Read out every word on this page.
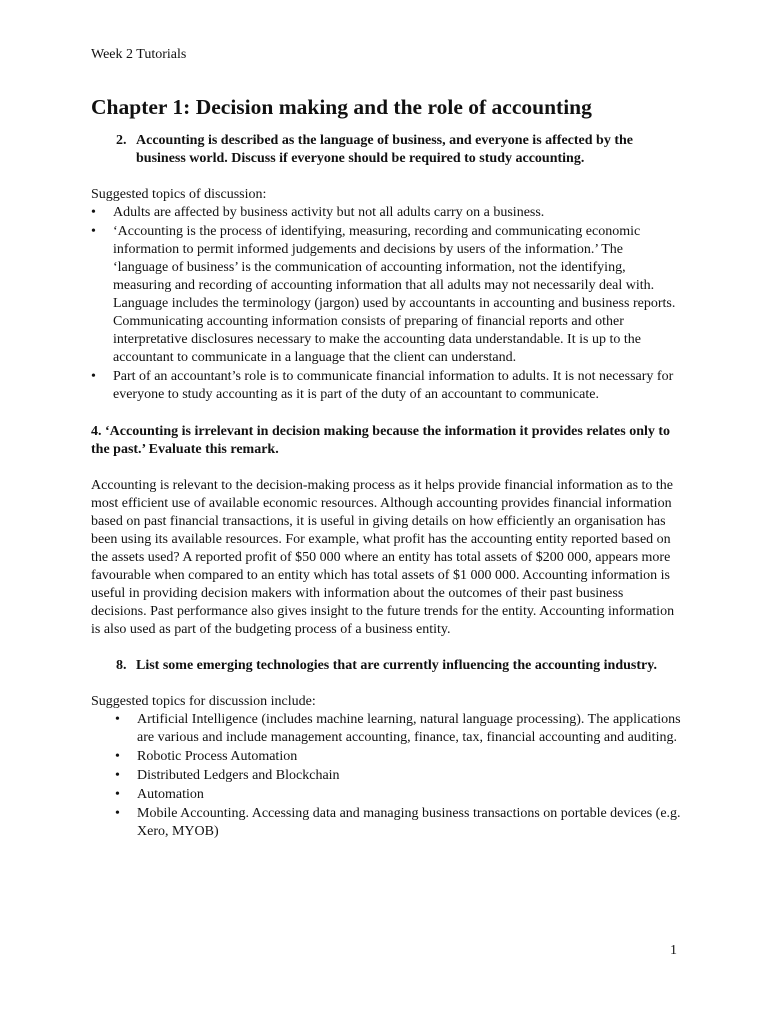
Week 2 Tutorials
Chapter 1: Decision making and the role of accounting
2. Accounting is described as the language of business, and everyone is affected by the business world. Discuss if everyone should be required to study accounting.

Suggested topics of discussion:

•	Adults are affected by business activity but not all adults carry on a business.
•	‘Accounting is the process of identifying, measuring, recording and communicating economic information to permit informed judgements and decisions by users of the information.’ The ‘language of business’ is the communication of accounting information, not the identifying, measuring and recording of accounting information that all adults may not necessarily deal with. Language includes the terminology (jargon) used by accountants in accounting and business reports. Communicating accounting information consists of preparing of financial reports and other interpretative disclosures necessary to make the accounting data understandable. It is up to the accountant to communicate in a language that the client can understand.
•	Part of an accountant’s role is to communicate financial information to adults. It is not necessary for everyone to study accounting as it is part of the duty of an accountant to communicate.

4. ‘Accounting is irrelevant in decision making because the information it provides relates only to the past.’ Evaluate this remark.

Accounting is relevant to the decision-making process as it helps provide financial information as to the most efficient use of available economic resources. Although accounting provides financial information based on past financial transactions, it is useful in giving details on how efficiently an organisation has been using its available resources. For example, what profit has the accounting entity reported based on the assets used? A reported profit of $50 000 where an entity has total assets of $200 000, appears more favourable when compared to an entity which has total assets of $1 000 000. Accounting information is useful in providing decision makers with information about the outcomes of their past business decisions. Past performance also gives insight to the future trends for the entity. Accounting information is also used as part of the budgeting process of a business entity.

8. List some emerging technologies that are currently influencing the accounting industry.

Suggested topics for discussion include:

•	Artificial Intelligence (includes machine learning, natural language processing). The applications are various and include management accounting, finance, tax, financial accounting and auditing.
•	Robotic Process Automation
•	Distributed Ledgers and Blockchain
•	Automation
•	Mobile Accounting. Accessing data and managing business transactions on portable devices (e.g. Xero, MYOB)
1
